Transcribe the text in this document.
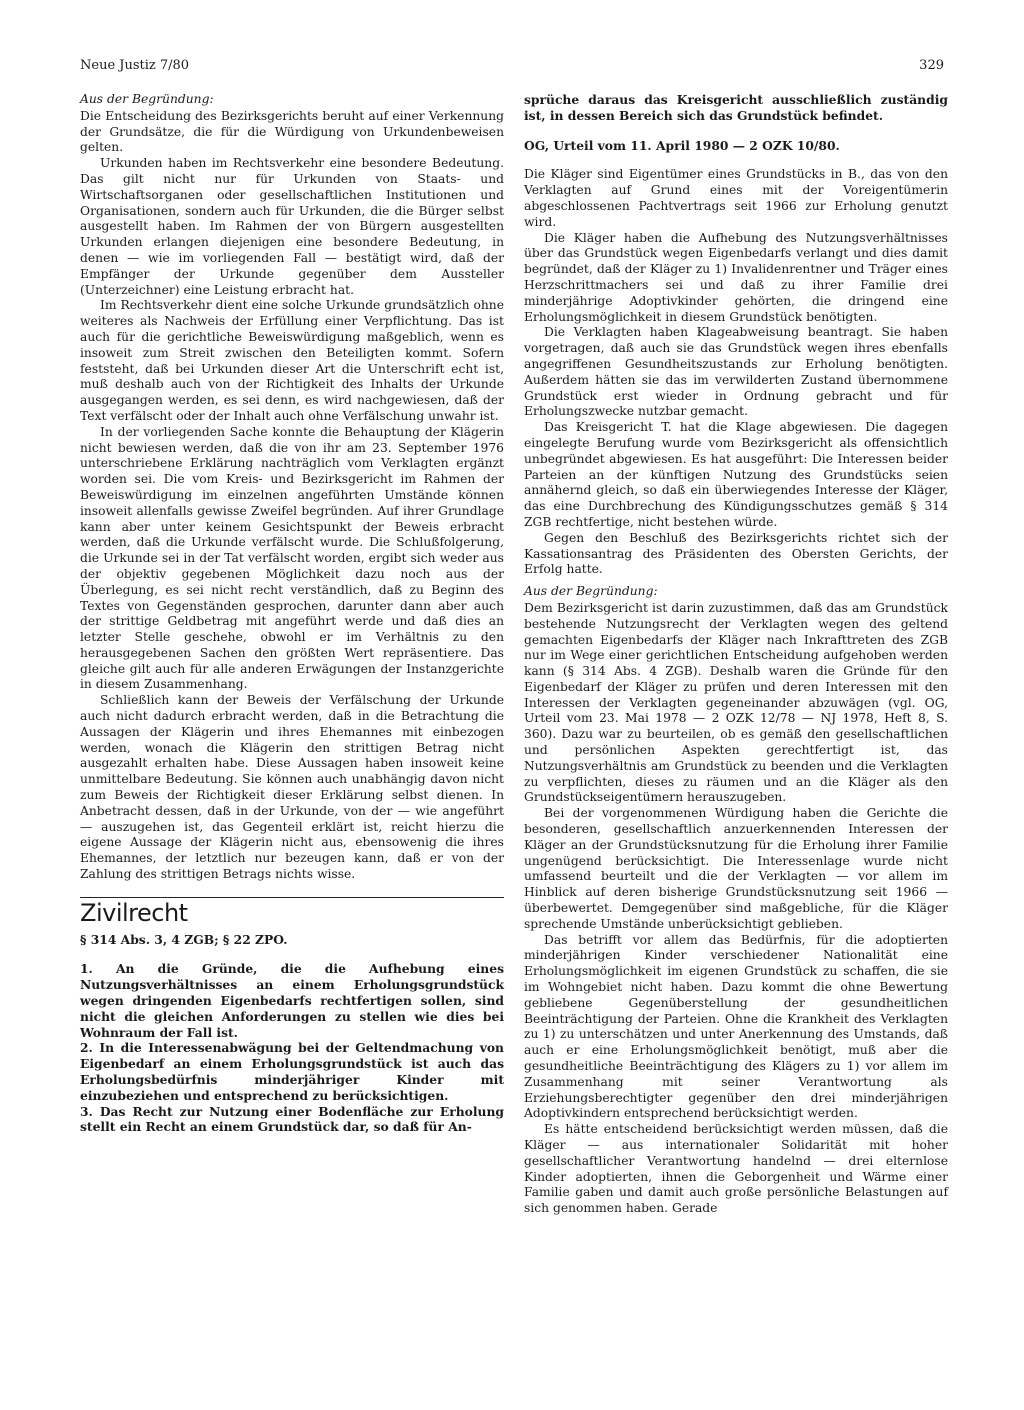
Neue Justiz 7/80	329

Aus der Begründung:

Die Entscheidung des Bezirksgerichts beruht auf einer Verkennung der Grundsätze, die für die Würdigung von Urkundenbeweisen gelten.

Urkunden haben im Rechtsverkehr eine besondere Bedeutung. Das gilt nicht nur für Urkunden von Staats- und Wirtschaftsorganen oder gesellschaftlichen Institutionen und Organisationen, sondern auch für Urkunden, die die Bürger selbst ausgestellt haben. Im Rahmen der von Bürgern ausgestellten Urkunden erlangen diejenigen eine besondere Bedeutung, in denen — wie im vorliegenden Fall — bestätigt wird, daß der Empfänger der Urkunde gegenüber dem Aussteller (Unterzeichner) eine Leistung erbracht hat.

Im Rechtsverkehr dient eine solche Urkunde grundsätzlich ohne weiteres als Nachweis der Erfüllung einer Verpflichtung. Das ist auch für die gerichtliche Beweiswürdigung maßgeblich, wenn es insoweit zum Streit zwischen den Beteiligten kommt. Sofern feststeht, daß bei Urkunden dieser Art die Unterschrift echt ist, muß deshalb auch von der Richtigkeit des Inhalts der Urkunde ausgegangen werden, es sei denn, es wird nachgewiesen, daß der Text verfälscht oder der Inhalt auch ohne Verfälschung unwahr ist.

In der vorliegenden Sache konnte die Behauptung der Klägerin nicht bewiesen werden, daß die von ihr am 23. September 1976 unterschriebene Erklärung nachträglich vom Verklagten ergänzt worden sei. Die vom Kreis- und Bezirksgericht im Rahmen der Beweiswürdigung im einzelnen angeführten Umstände können insoweit allenfalls gewisse Zweifel begründen. Auf ihrer Grundlage kann aber unter keinem Gesichtspunkt der Beweis erbracht werden, daß die Urkunde verfälscht wurde. Die Schlußfolgerung, die Urkunde sei in der Tat verfälscht worden, ergibt sich weder aus der objektiv gegebenen Möglichkeit dazu noch aus der Überlegung, es sei nicht recht verständlich, daß zu Beginn des Textes von Gegenständen gesprochen, darunter dann aber auch der strittige Geldbetrag mit angeführt werde und daß dies an letzter Stelle geschehe, obwohl er im Verhältnis zu den herausgegebenen Sachen den größten Wert repräsentiere. Das gleiche gilt auch für alle anderen Erwägungen der Instanzgerichte in diesem Zusammenhang.

Schließlich kann der Beweis der Verfälschung der Urkunde auch nicht dadurch erbracht werden, daß in die Betrachtung die Aussagen der Klägerin und ihres Ehemannes mit einbezogen werden, wonach die Klägerin den strittigen Betrag nicht ausgezahlt erhalten habe. Diese Aussagen haben insoweit keine unmittelbare Bedeutung. Sie können auch unabhängig davon nicht zum Beweis der Richtigkeit dieser Erklärung selbst dienen. In Anbetracht dessen, daß in der Urkunde, von der — wie angeführt — auszugehen ist, das Gegenteil erklärt ist, reicht hierzu die eigene Aussage der Klägerin nicht aus, ebensowenig die ihres Ehemannes, der letztlich nur bezeugen kann, daß er von der Zahlung des strittigen Betrags nichts wisse.

Zivilrecht

§ 314 Abs. 3, 4 ZGB; § 22 ZPO.

1. An die Gründe, die die Aufhebung eines Nutzungsverhältnisses an einem Erholungsgrundstück wegen dringenden Eigenbedarfs rechtfertigen sollen, sind nicht die gleichen Anforderungen zu stellen wie dies bei Wohnraum der Fall ist.

2. In die Interessenabwägung bei der Geltendmachung von Eigenbedarf an einem Erholungsgrundstück ist auch das Erholungsbedürfnis minderjähriger Kinder mit einzubeziehen und entsprechend zu berücksichtigen.

3. Das Recht zur Nutzung einer Bodenfläche zur Erholung stellt ein Recht an einem Grundstück dar, so daß für An-

sprüche daraus das Kreisgericht ausschließlich zuständig ist, in dessen Bereich sich das Grundstück befindet.

OG, Urteil vom 11. April 1980 — 2 OZK 10/80.

Die Kläger sind Eigentümer eines Grundstücks in B., das von den Verklagten auf Grund eines mit der Voreigentümerin abgeschlossenen Pachtvertrags seit 1966 zur Erholung genutzt wird.

Die Kläger haben die Aufhebung des Nutzungsverhältnisses über das Grundstück wegen Eigenbedarfs verlangt und dies damit begründet, daß der Kläger zu 1) Invalidenrentner und Träger eines Herzschrittmachers sei und daß zu ihrer Familie drei minderjährige Adoptivkinder gehörten, die dringend eine Erholungsmöglichkeit in diesem Grundstück benötigten.

Die Verklagten haben Klageabweisung beantragt. Sie haben vorgetragen, daß auch sie das Grundstück wegen ihres ebenfalls angegriffenen Gesundheitszustands zur Erholung benötigten. Außerdem hätten sie das im verwilderten Zustand übernommene Grundstück erst wieder in Ordnung gebracht und für Erholungszwecke nutzbar gemacht.

Das Kreisgericht T. hat die Klage abgewiesen. Die dagegen eingelegte Berufung wurde vom Bezirksgericht als offensichtlich unbegründet abgewiesen. Es hat ausgeführt: Die Interessen beider Parteien an der künftigen Nutzung des Grundstücks seien annähernd gleich, so daß ein überwiegendes Interesse der Kläger, das eine Durchbrechung des Kündigungsschutzes gemäß § 314 ZGB rechtfertige, nicht bestehen würde.

Gegen den Beschluß des Bezirksgerichts richtet sich der Kassationsantrag des Präsidenten des Obersten Gerichts, der Erfolg hatte.

Aus der Begründung:

Dem Bezirksgericht ist darin zuzustimmen, daß das am Grundstück bestehende Nutzungsrecht der Verklagten wegen des geltend gemachten Eigenbedarfs der Kläger nach Inkrafttreten des ZGB nur im Wege einer gerichtlichen Entscheidung aufgehoben werden kann (§ 314 Abs. 4 ZGB). Deshalb waren die Gründe für den Eigenbedarf der Kläger zu prüfen und deren Interessen mit den Interessen der Verklagten gegeneinander abzuwägen (vgl. OG, Urteil vom 23. Mai 1978 — 2 OZK 12/78 — NJ 1978, Heft 8, S. 360). Dazu war zu beurteilen, ob es gemäß den gesellschaftlichen und persönlichen Aspekten gerechtfertigt ist, das Nutzungsverhältnis am Grundstück zu beenden und die Verklagten zu verpflichten, dieses zu räumen und an die Kläger als den Grundstückseigentümern herauszugeben.

Bei der vorgenommenen Würdigung haben die Gerichte die besonderen, gesellschaftlich anzuerkennenden Interessen der Kläger an der Grundstücksnutzung für die Erholung ihrer Familie ungenügend berücksichtigt. Die Interessenlage wurde nicht umfassend beurteilt und die der Verklagten — vor allem im Hinblick auf deren bisherige Grundstücksnutzung seit 1966 — überbewertet. Demgegenüber sind maßgebliche, für die Kläger sprechende Umstände unberücksichtigt geblieben.

Das betrifft vor allem das Bedürfnis, für die adoptierten minderjährigen Kinder verschiedener Nationalität eine Erholungsmöglichkeit im eigenen Grundstück zu schaffen, die sie im Wohngebiet nicht haben. Dazu kommt die ohne Bewertung gebliebene Gegenüberstellung der gesundheitlichen Beeinträchtigung der Parteien. Ohne die Krankheit des Verklagten zu 1) zu unterschätzen und unter Anerkennung des Umstands, daß auch er eine Erholungsmöglichkeit benötigt, muß aber die gesundheitliche Beeinträchtigung des Klägers zu 1) vor allem im Zusammenhang mit seiner Verantwortung als Erziehungsberechtigter gegenüber den drei minderjährigen Adoptivkindern entsprechend berücksichtigt werden.

Es hätte entscheidend berücksichtigt werden müssen, daß die Kläger — aus internationaler Solidarität mit hoher gesellschaftlicher Verantwortung handelnd — drei elternlose Kinder adoptierten, ihnen die Geborgenheit und Wärme einer Familie gaben und damit auch große persönliche Belastungen auf sich genommen haben. Gerade
